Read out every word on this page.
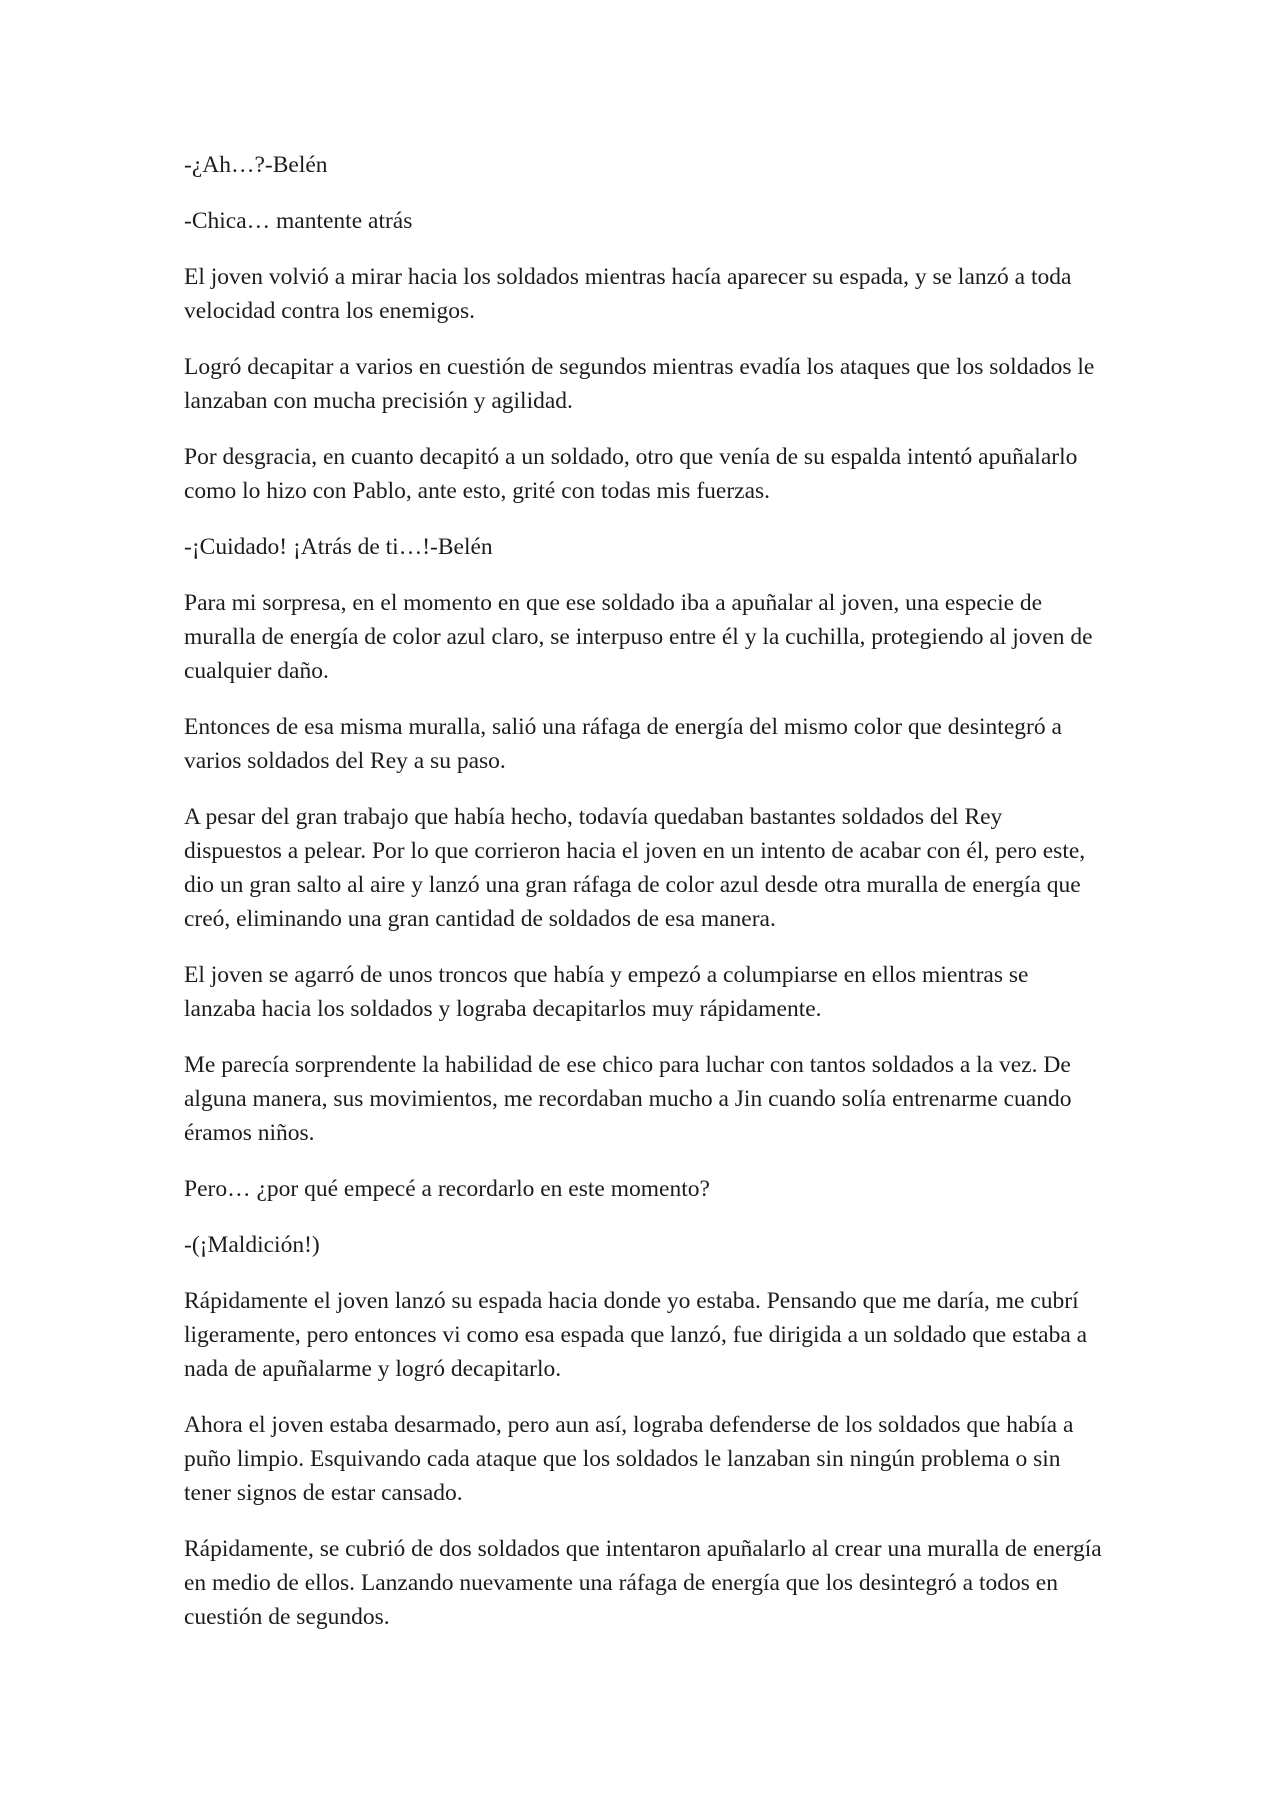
-¿Ah…?-Belén

-Chica… mantente atrás

El joven volvió a mirar hacia los soldados mientras hacía aparecer su espada, y se lanzó a toda velocidad contra los enemigos.

Logró decapitar a varios en cuestión de segundos mientras evadía los ataques que los soldados le lanzaban con mucha precisión y agilidad.

Por desgracia, en cuanto decapitó a un soldado, otro que venía de su espalda intentó apuñalarlo como lo hizo con Pablo, ante esto, grité con todas mis fuerzas.

-¡Cuidado! ¡Atrás de ti…!-Belén

Para mi sorpresa, en el momento en que ese soldado iba a apuñalar al joven, una especie de muralla de energía de color azul claro, se interpuso entre él y la cuchilla, protegiendo al joven de cualquier daño.

Entonces de esa misma muralla, salió una ráfaga de energía del mismo color que desintegró a varios soldados del Rey a su paso.

A pesar del gran trabajo que había hecho, todavía quedaban bastantes soldados del Rey dispuestos a pelear. Por lo que corrieron hacia el joven en un intento de acabar con él, pero este, dio un gran salto al aire y lanzó una gran ráfaga de color azul desde otra muralla de energía que creó, eliminando una gran cantidad de soldados de esa manera.

El joven se agarró de unos troncos que había y empezó a columpiarse en ellos mientras se lanzaba hacia los soldados y lograba decapitarlos muy rápidamente.

Me parecía sorprendente la habilidad de ese chico para luchar con tantos soldados a la vez. De alguna manera, sus movimientos, me recordaban mucho a Jin cuando solía entrenarme cuando éramos niños.

Pero… ¿por qué empecé a recordarlo en este momento?

-(¡Maldición!)

Rápidamente el joven lanzó su espada hacia donde yo estaba. Pensando que me daría, me cubrí ligeramente, pero entonces vi como esa espada que lanzó, fue dirigida a un soldado que estaba a nada de apuñalarme y logró decapitarlo.

Ahora el joven estaba desarmado, pero aun así, lograba defenderse de los soldados que había a puño limpio. Esquivando cada ataque que los soldados le lanzaban sin ningún problema o sin tener signos de estar cansado.

Rápidamente, se cubrió de dos soldados que intentaron apuñalarlo al crear una muralla de energía en medio de ellos. Lanzando nuevamente una ráfaga de energía que los desintegró a todos en cuestión de segundos.
